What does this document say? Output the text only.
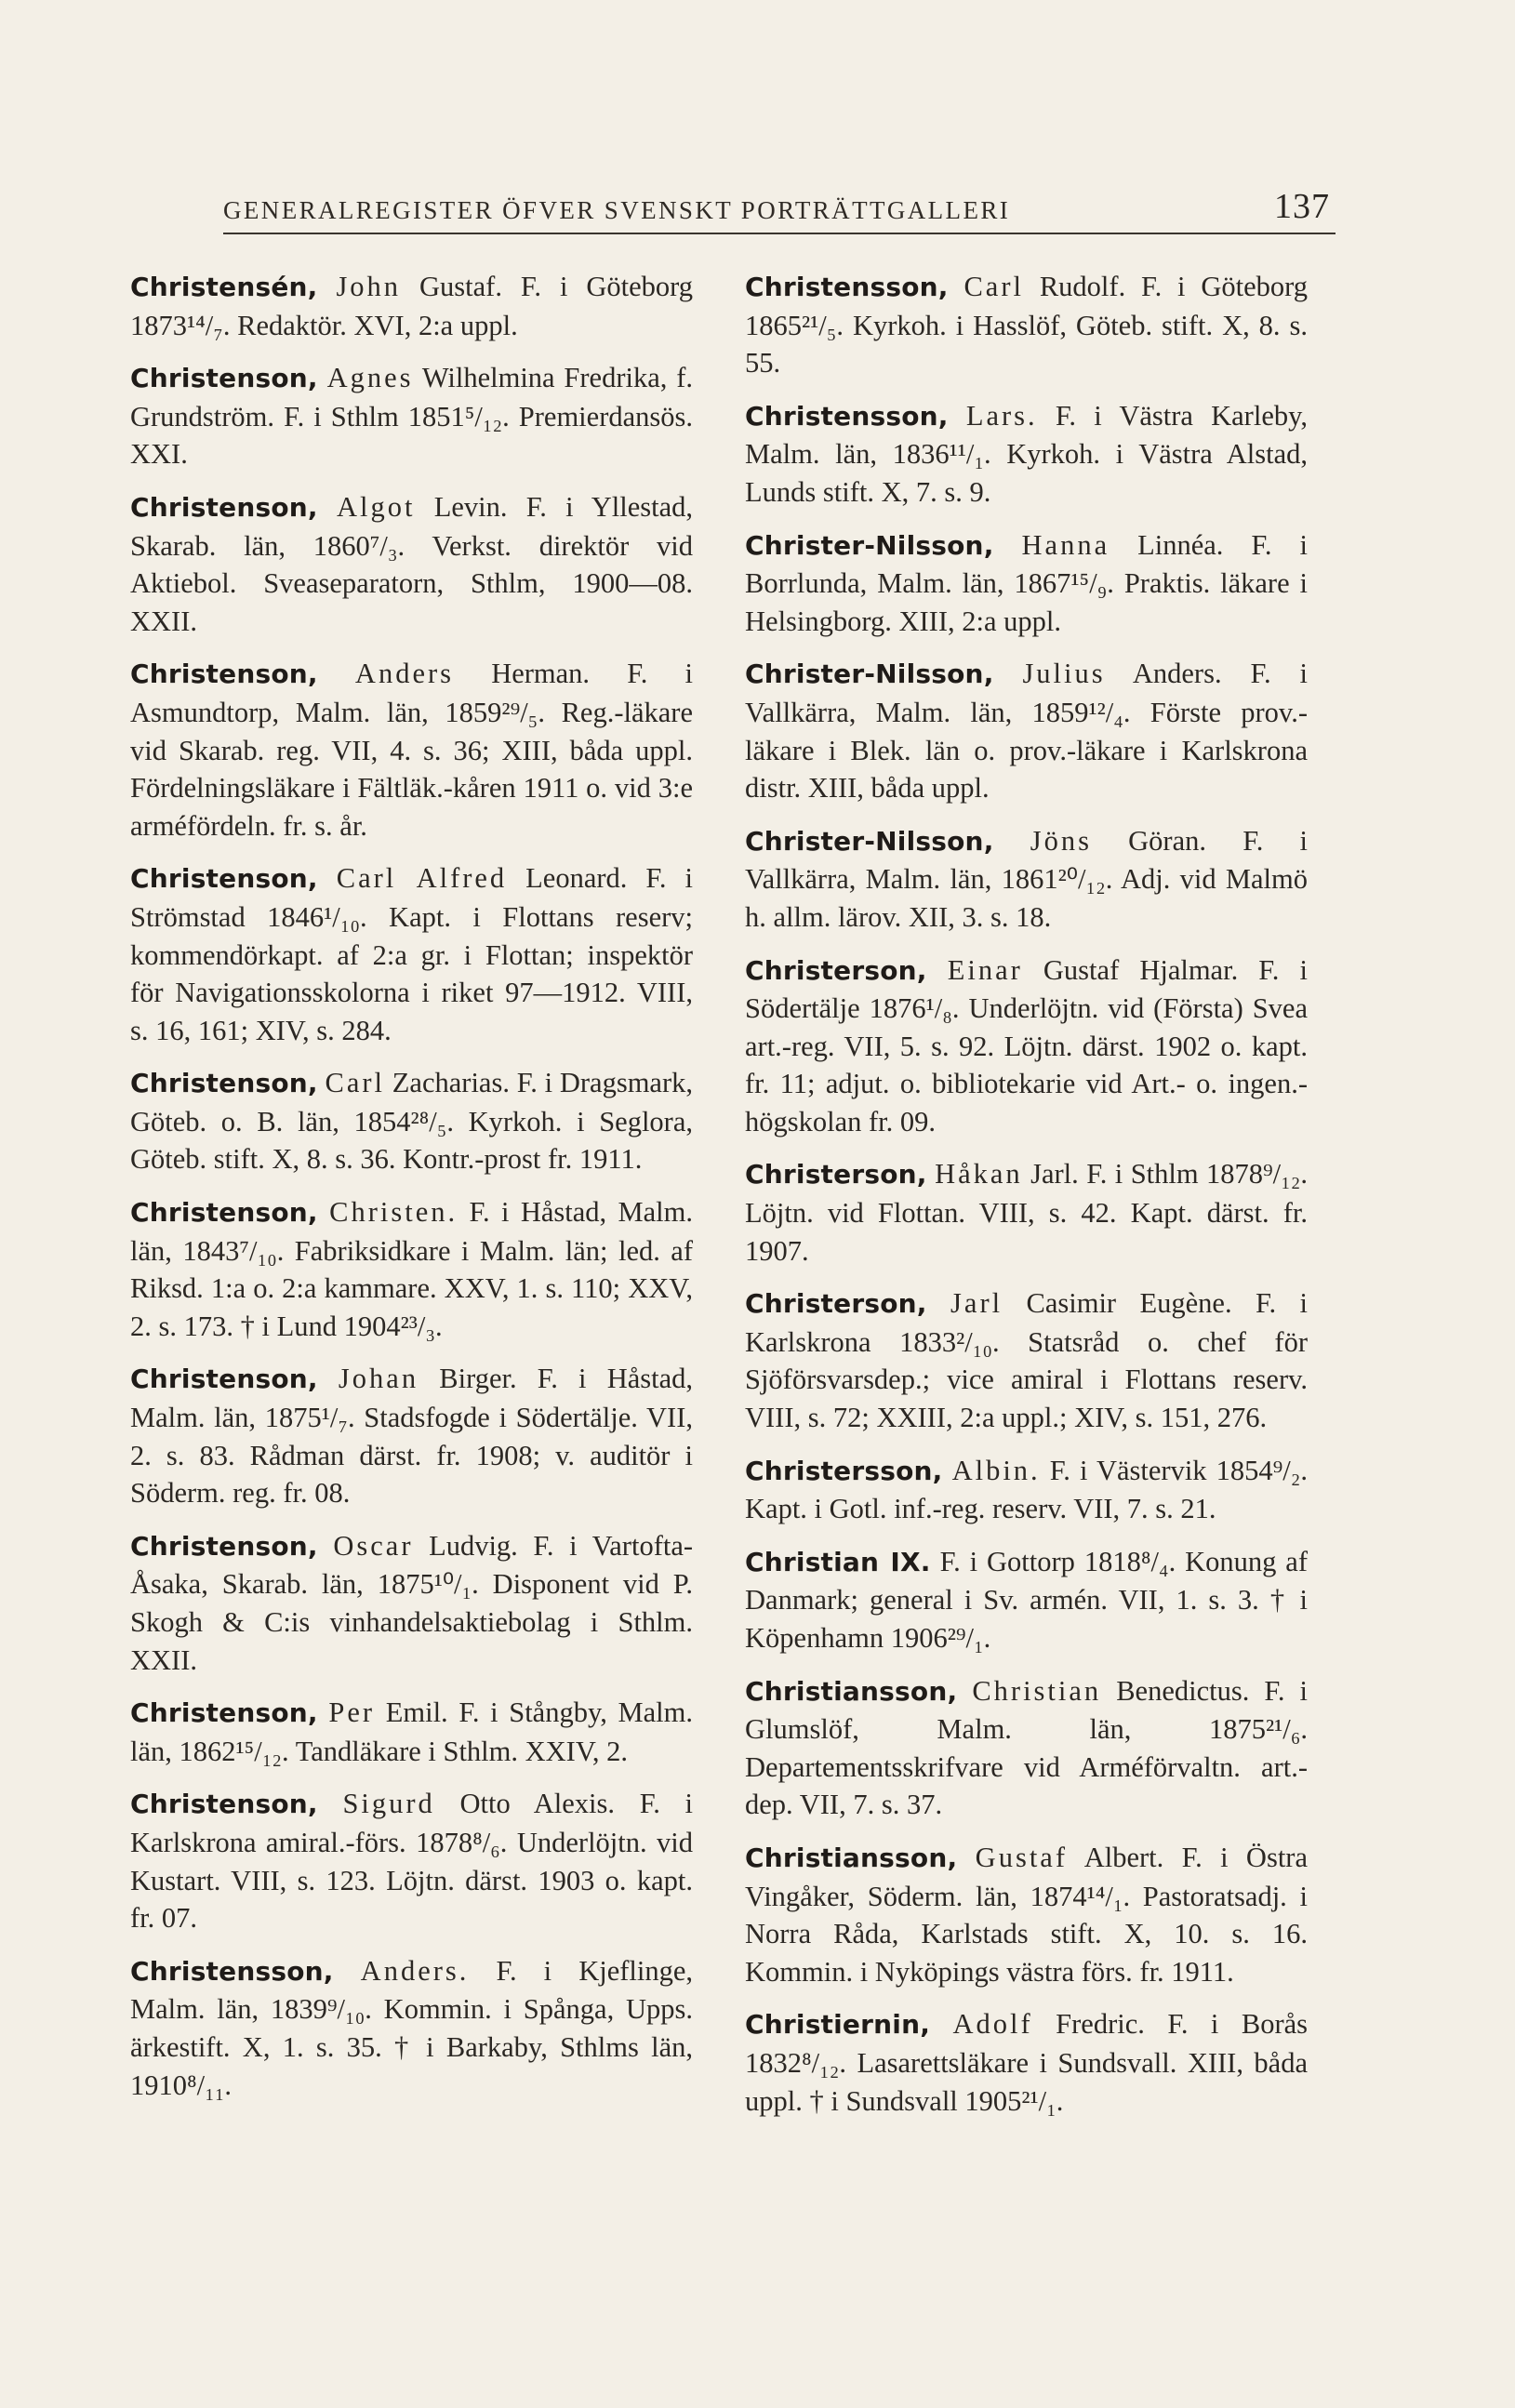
GENERALREGISTER ÖFVER SVENSKT PORTRÄTTGALLERI	137

Christensén, John Gustaf. F. i Göteborg 1873¹⁴/₇. Redaktör. XVI, 2:a uppl.

Christenson, Agnes Wilhelmina Fredrika, f. Grundström. F. i Sthlm 1851⁵/₁₂. Premierdansös. XXI.

Christenson, Algot Levin. F. i Yllestad, Skarab. län, 1860⁷/₃. Verkst. direktör vid Aktiebol. Sveaseparatorn, Sthlm, 1900—08. XXII.

Christenson, Anders Herman. F. i Asmundtorp, Malm. län, 1859²⁹/₅. Reg.-läkare vid Skarab. reg. VII, 4. s. 36; XIII, båda uppl. Fördelningsläkare i Fältläk.-kåren 1911 o. vid 3:e arméfördeln. fr. s. år.

Christenson, Carl Alfred Leonard. F. i Strömstad 1846¹/₁₀. Kapt. i Flottans reserv; kommendörkapt. af 2:a gr. i Flottan; inspektör för Navigationsskolorna i riket 97—1912. VIII, s. 16, 161; XIV, s. 284.

Christenson, Carl Zacharias. F. i Dragsmark, Göteb. o. B. län, 1854²⁸/₅. Kyrkoh. i Seglora, Göteb. stift. X, 8. s. 36. Kontr.-prost fr. 1911.

Christenson, Christen. F. i Håstad, Malm. län, 1843⁷/₁₀. Fabriksidkare i Malm. län; led. af Riksd. 1:a o. 2:a kammare. XXV, 1. s. 110; XXV, 2. s. 173. † i Lund 1904²³/₃.

Christenson, Johan Birger. F. i Håstad, Malm. län, 1875¹/₇. Stadsfogde i Södertälje. VII, 2. s. 83. Rådman därst. fr. 1908; v. auditör i Söderm. reg. fr. 08.

Christenson, Oscar Ludvig. F. i Vartofta-Åsaka, Skarab. län, 1875¹⁰/₁. Disponent vid P. Skogh & C:is vinhandelsaktiebolag i Sthlm. XXII.

Christenson, Per Emil. F. i Stångby, Malm. län, 1862¹⁵/₁₂. Tandläkare i Sthlm. XXIV, 2.

Christenson, Sigurd Otto Alexis. F. i Karlskrona amiral.-förs. 1878⁸/₆. Underlöjtn. vid Kustart. VIII, s. 123. Löjtn. därst. 1903 o. kapt. fr. 07.

Christensson, Anders. F. i Kjeflinge, Malm. län, 1839⁹/₁₀. Kommin. i Spånga, Upps. ärkestift. X, 1. s. 35. † i Barkaby, Sthlms län, 1910⁸/₁₁.

Christensson, Carl Rudolf. F. i Göteborg 1865²¹/₅. Kyrkoh. i Hasslöf, Göteb. stift. X, 8. s. 55.

Christensson, Lars. F. i Västra Karleby, Malm. län, 1836¹¹/₁. Kyrkoh. i Västra Alstad, Lunds stift. X, 7. s. 9.

Christer-Nilsson, Hanna Linnéa. F. i Borrlunda, Malm. län, 1867¹⁵/₉. Praktis. läkare i Helsingborg. XIII, 2:a uppl.

Christer-Nilsson, Julius Anders. F. i Vallkärra, Malm. län, 1859¹²/₄. Förste prov.-läkare i Blek. län o. prov.-läkare i Karlskrona distr. XIII, båda uppl.

Christer-Nilsson, Jöns Göran. F. i Vallkärra, Malm. län, 1861²⁰/₁₂. Adj. vid Malmö h. allm. lärov. XII, 3. s. 18.

Christerson, Einar Gustaf Hjalmar. F. i Södertälje 1876¹/₈. Underlöjtn. vid (Första) Svea art.-reg. VII, 5. s. 92. Löjtn. därst. 1902 o. kapt. fr. 11; adjut. o. bibliotekarie vid Art.- o. ingen.-högskolan fr. 09.

Christerson, Håkan Jarl. F. i Sthlm 1878⁹/₁₂. Löjtn. vid Flottan. VIII, s. 42. Kapt. därst. fr. 1907.

Christerson, Jarl Casimir Eugène. F. i Karlskrona 1833²/₁₀. Statsråd o. chef för Sjöförsvarsdep.; vice amiral i Flottans reserv. VIII, s. 72; XXIII, 2:a uppl.; XIV, s. 151, 276.

Christersson, Albin. F. i Västervik 1854⁹/₂. Kapt. i Gotl. inf.-reg. reserv. VII, 7. s. 21.

Christian IX. F. i Gottorp 1818⁸/₄. Konung af Danmark; general i Sv. armén. VII, 1. s. 3. † i Köpenhamn 1906²⁹/₁.

Christiansson, Christian Benedictus. F. i Glumslöf, Malm. län, 1875²¹/₆. Departementsskrifvare vid Arméförvaltn. art.-dep. VII, 7. s. 37.

Christiansson, Gustaf Albert. F. i Östra Vingåker, Söderm. län, 1874¹⁴/₁. Pastoratsadj. i Norra Råda, Karlstads stift. X, 10. s. 16. Kommin. i Nyköpings västra förs. fr. 1911.

Christiernin, Adolf Fredric. F. i Borås 1832⁸/₁₂. Lasarettsläkare i Sundsvall. XIII, båda uppl. † i Sundsvall 1905²¹/₁.
